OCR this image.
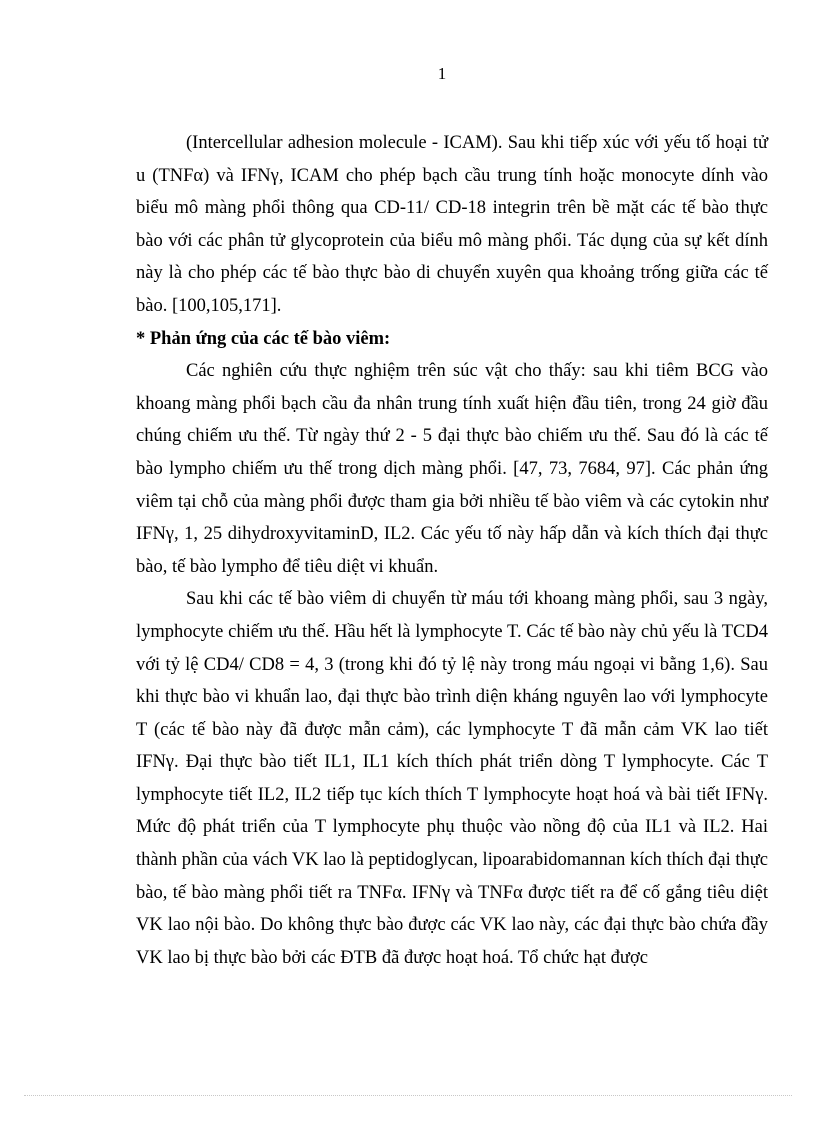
1

(Intercellular adhesion molecule - ICAM). Sau khi tiếp xúc với yếu tố hoại tử u (TNFα) và IFNγ, ICAM cho phép bạch cầu trung tính hoặc monocyte dính vào biểu mô màng phổi thông qua CD-11/ CD-18 integrin trên bề mặt các tế bào thực bào với các phân tử glycoprotein của biểu mô màng phổi. Tác dụng của sự kết dính này là cho phép các tế bào thực bào di chuyển xuyên qua khoảng trống giữa các tế bào. [100,105,171].

* Phản ứng của các tế bào viêm:

Các nghiên cứu thực nghiệm trên súc vật cho thấy: sau khi tiêm BCG vào khoang màng phổi bạch cầu đa nhân trung tính xuất hiện đầu tiên, trong 24 giờ đầu chúng chiếm ưu thế. Từ ngày thứ 2 - 5 đại thực bào chiếm ưu thế. Sau đó là các tế bào lympho chiếm ưu thế trong dịch màng phổi. [47, 73, 7684, 97]. Các phản ứng viêm tại chỗ của màng phổi được tham gia bởi nhiều tế bào viêm và các cytokin như IFNγ, 1, 25 dihydroxyvitaminD, IL2. Các yếu tố này hấp dẫn và kích thích đại thực bào, tế bào lympho để tiêu diệt vi khuẩn.

Sau khi các tế bào viêm di chuyển từ máu tới khoang màng phổi, sau 3 ngày, lymphocyte chiếm ưu thế. Hầu hết là lymphocyte T. Các tế bào này chủ yếu là TCD4 với tỷ lệ CD4/ CD8 = 4, 3 (trong khi đó tỷ lệ này trong máu ngoại vi bằng 1,6). Sau khi thực bào vi khuẩn lao, đại thực bào trình diện kháng nguyên lao với lymphocyte T (các tế bào này đã được mẫn cảm), các lymphocyte T đã mẫn cảm VK lao tiết IFNγ. Đại thực bào tiết IL1, IL1 kích thích phát triển dòng T lymphocyte. Các T lymphocyte tiết IL2, IL2 tiếp tục kích thích T lymphocyte hoạt hoá và bài tiết IFNγ. Mức độ phát triển của T lymphocyte phụ thuộc vào nồng độ của IL1 và IL2. Hai thành phần của vách VK lao là peptidoglycan, lipoarabidomannan kích thích đại thực bào, tế bào màng phổi tiết ra TNFα. IFNγ và TNFα được tiết ra để cố gắng tiêu diệt VK lao nội bào. Do không thực bào được các VK lao này, các đại thực bào chứa đầy VK lao bị thực bào bởi các ĐTB đã được hoạt hoá. Tổ chức hạt được
